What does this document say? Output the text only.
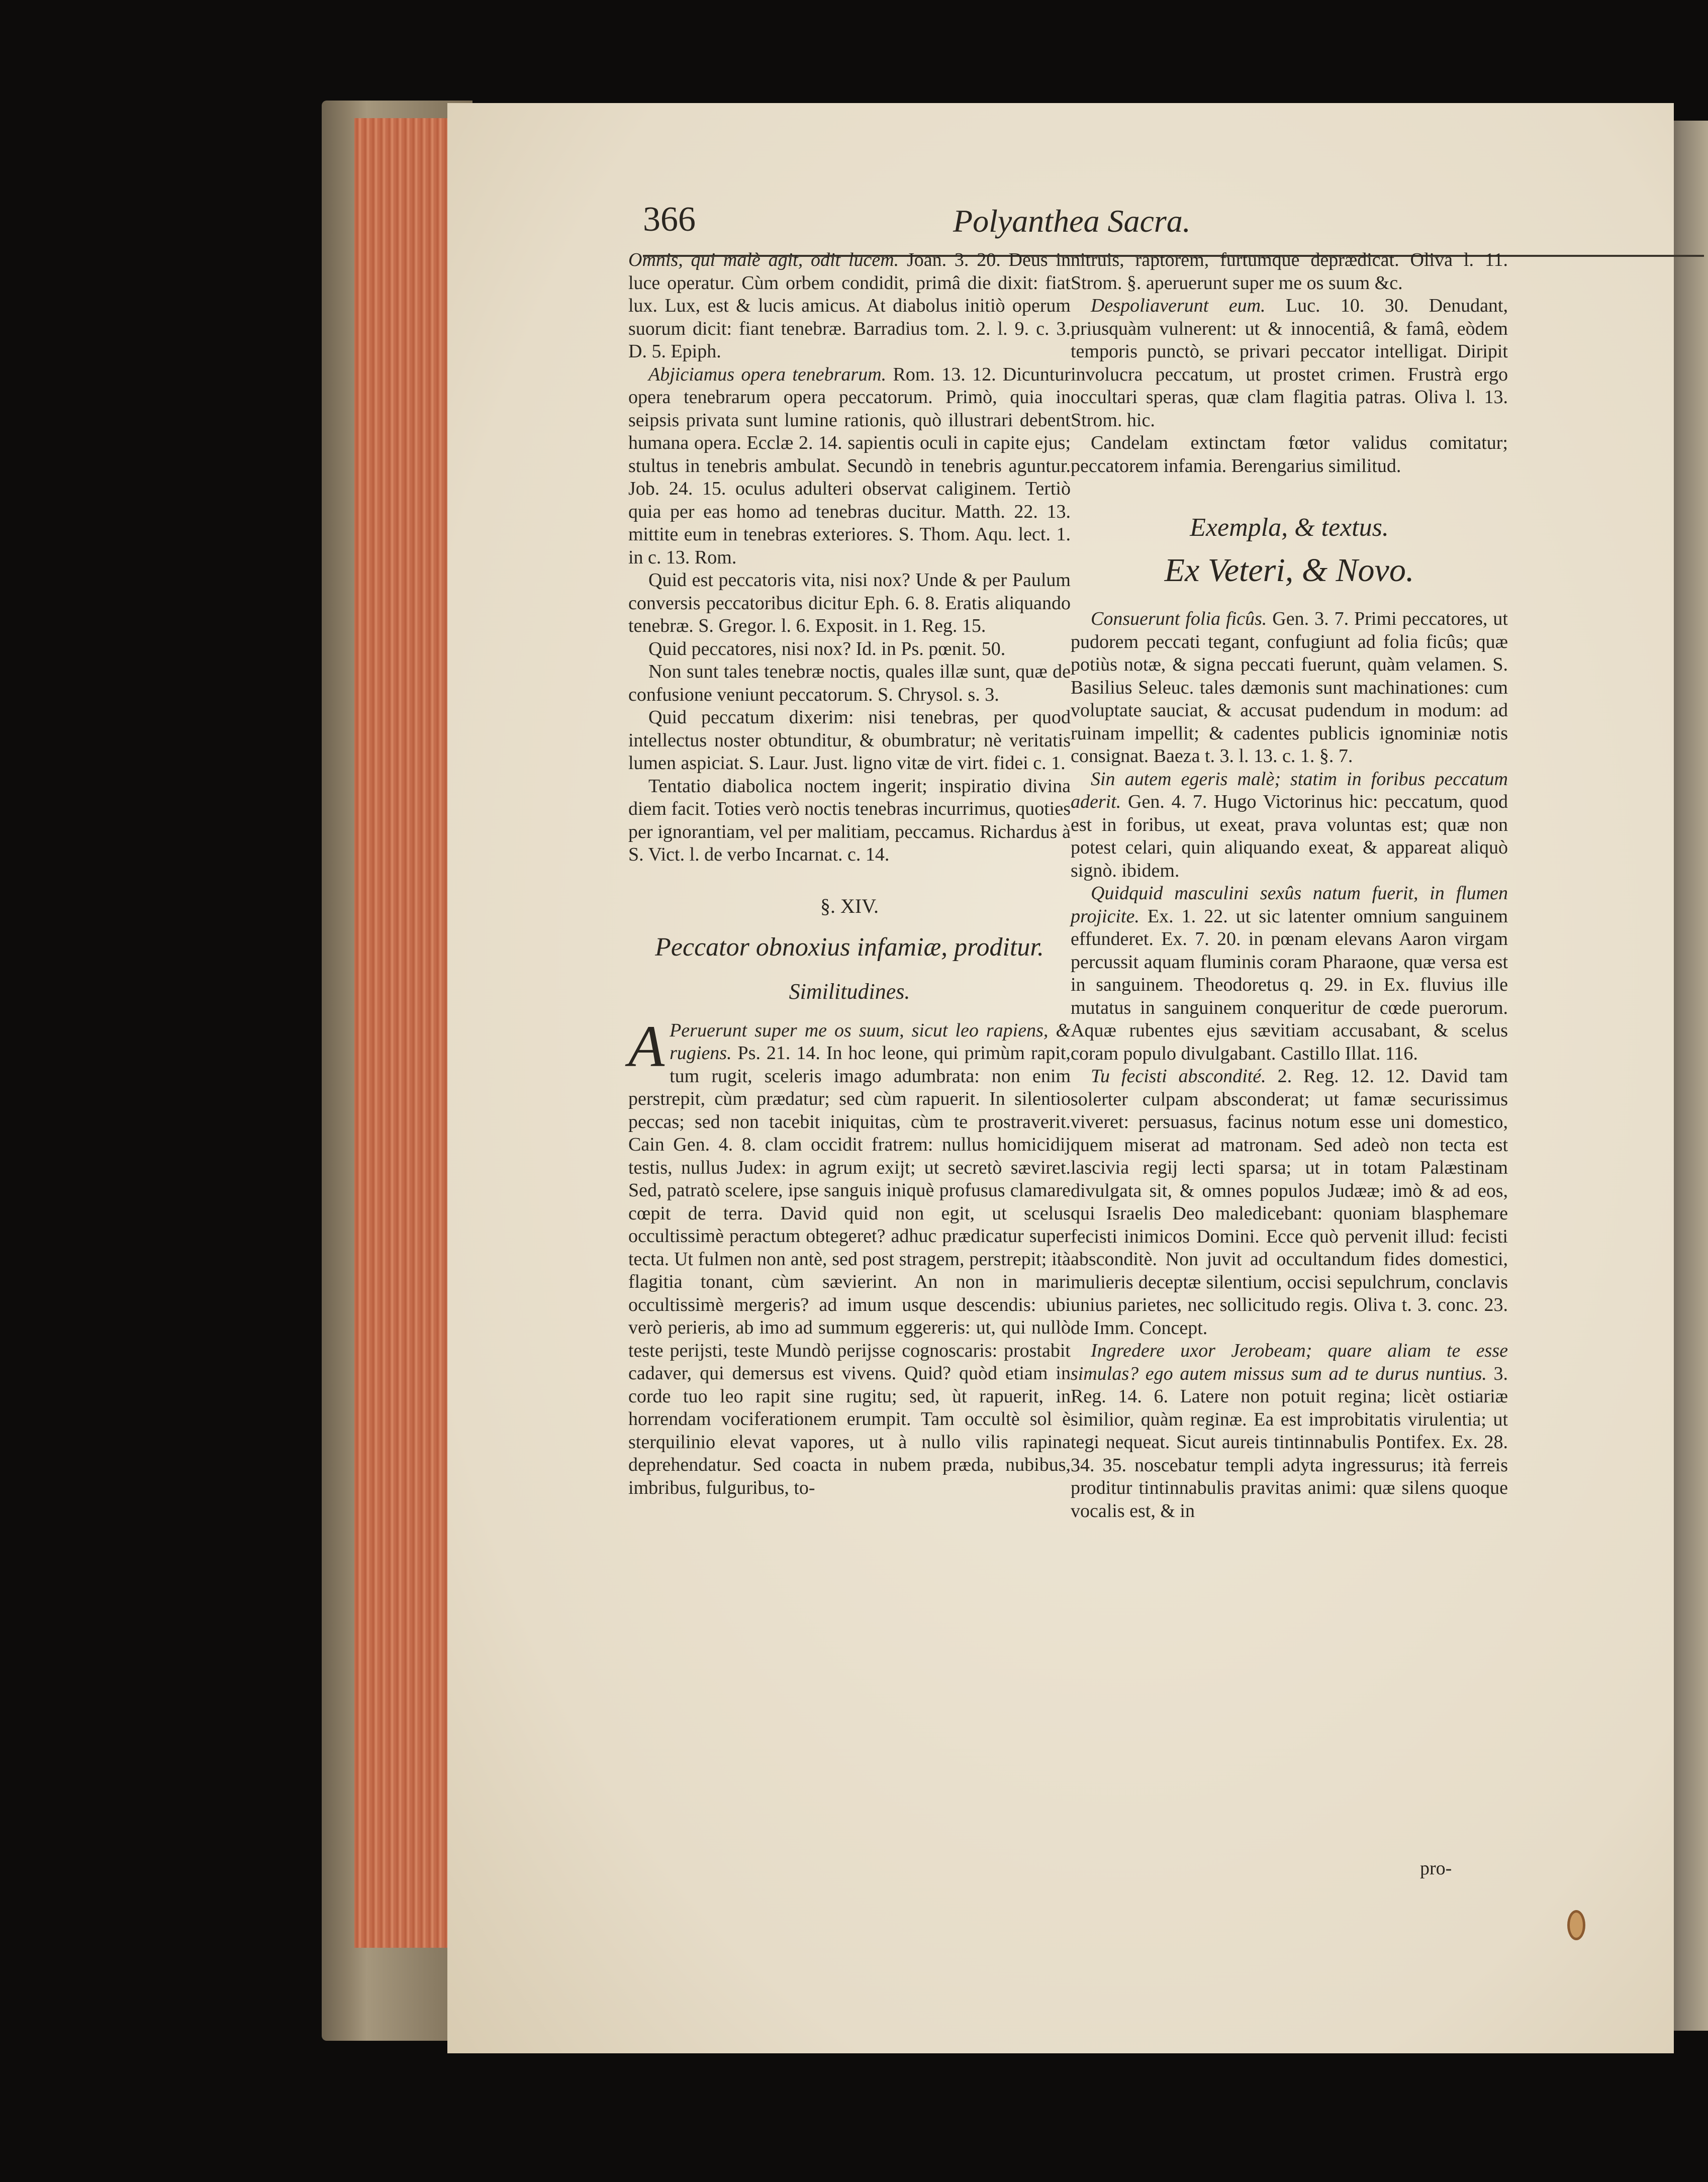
366	Polyanthea Sacra.

Omnis, qui malè agit, odit lucem. Joan. 3. 20. Deus in luce operatur. Cùm orbem condidit, primâ die dixit: fiat lux. Lux, est & lucis amicus. At diabolus initiò operum suorum dicit: fiant tenebræ. Barradius tom. 2. l. 9. c. 3. D. 5. Epiph.

Abjiciamus opera tenebrarum. Rom. 13. 12. Dicuntur opera tenebrarum opera peccatorum. Primò, quia in seipsis privata sunt lumine rationis, quò illustrari debent humana opera. Ecclæ 2. 14. sapientis oculi in capite ejus; stultus in tenebris ambulat. Secundò in tenebris aguntur. Job. 24. 15. oculus adulteri observat caliginem. Tertiò quia per eas homo ad tenebras ducitur. Matth. 22. 13. mittite eum in tenebras exteriores. S. Thom. Aqu. lect. 1. in c. 13. Rom.

Quid est peccatoris vita, nisi nox? Unde & per Paulum conversis peccatoribus dicitur Eph. 6. 8. Eratis aliquando tenebræ. S. Gregor. l. 6. Exposit. in 1. Reg. 15.

Quid peccatores, nisi nox? Id. in Ps. pœnit. 50.

Non sunt tales tenebræ noctis, quales illæ sunt, quæ de confusione veniunt peccatorum. S. Chrysol. s. 3.

Quid peccatum dixerim: nisi tenebras, per quod intellectus noster obtunditur, & obumbratur; nè veritatis lumen aspiciat. S. Laur. Just. ligno vitæ de virt. fidei c. 1.

Tentatio diabolica noctem ingerit; inspiratio divina diem facit. Toties verò noctis tenebras incurrimus, quoties per ignorantiam, vel per malitiam, peccamus. Richardus à S. Vict. l. de verbo Incarnat. c. 14.

§. XIV.
Peccator obnoxius infamiæ, proditur.
Similitudines.

A Peruerunt super me os suum, sicut leo rapiens, & rugiens. Ps. 21. 14. In hoc leone, qui primùm rapit, tum rugit, sceleris imago adumbrata: non enim perstrepit, cùm prædatur; sed cùm rapuerit. In silentio peccas; sed non tacebit iniquitas, cùm te prostraverit. Cain Gen. 4. 8. clam occidit fratrem: nullus homicidij testis, nullus Judex: in agrum exijt; ut secretò sæviret. Sed, patratò scelere, ipse sanguis iniquè profusus clamare cœpit de terra. David quid non egit, ut scelus occultissimè peractum obtegeret? adhuc prædicatur super tecta. Ut fulmen non antè, sed post stragem, perstrepit; ità flagitia tonant, cùm sævierint. An non in mari occultissimè mergeris? ad imum usque descendis: ubi verò perieris, ab imo ad summum eggereris: ut, qui nullò teste perijsti, teste Mundò perijsse cognoscaris: prostabit cadaver, qui demersus est vivens. Quid? quòd etiam in corde tuo leo rapit sine rugitu; sed, ùt rapuerit, in horrendam vociferationem erumpit. Tam occultè sol è sterquilinio elevat vapores, ut à nullo vilis rapina deprehendatur. Sed coacta in nubem præda, nubibus, imbribus, fulguribus, to-

nitruis, raptorem, furtumque deprædicat. Oliva l. 11. Strom. §. aperuerunt super me os suum &c.

Despoliaverunt eum. Luc. 10. 30. Denudant, priusquàm vulnerent: ut & innocentiâ, & famâ, eòdem temporis punctò, se privari peccator intelligat. Diripit involucra peccatum, ut prostet crimen. Frustrà ergo occultari speras, quæ clam flagitia patras. Oliva l. 13. Strom. hic.

Candelam extinctam fœtor validus comitatur; peccatorem infamia. Berengarius similitud.

Exempla, & textus.
Ex Veteri, & Novo.

Consuerunt folia ficûs. Gen. 3. 7. Primi peccatores, ut pudorem peccati tegant, confugiunt ad folia ficûs; quæ potiùs notæ, & signa peccati fuerunt, quàm velamen. S. Basilius Seleuc. tales dæmonis sunt machinationes: cum voluptate sauciat, & accusat pudendum in modum: ad ruinam impellit; & cadentes publicis ignominiæ notis consignat. Baeza t. 3. l. 13. c. 1. §. 7.

Sin autem egeris malè; statim in foribus peccatum aderit. Gen. 4. 7. Hugo Victorinus hic: peccatum, quod est in foribus, ut exeat, prava voluntas est; quæ non potest celari, quin aliquando exeat, & appareat aliquò signò. ibidem.

Quidquid masculini sexûs natum fuerit, in flumen projicite. Ex. 1. 22. ut sic latenter omnium sanguinem effunderet. Ex. 7. 20. in pœnam elevans Aaron virgam percussit aquam fluminis coram Pharaone, quæ versa est in sanguinem. Theodoretus q. 29. in Ex. fluvius ille mutatus in sanguinem conqueritur de cœde puerorum. Aquæ rubentes ejus sævitiam accusabant, & scelus coram populo divulgabant. Castillo Illat. 116.

Tu fecisti abscondité. 2. Reg. 12. 12. David tam solerter culpam absconderat; ut famæ securissimus viveret: persuasus, facinus notum esse uni domestico, quem miserat ad matronam. Sed adeò non tecta est lascivia regij lecti sparsa; ut in totam Palæstinam divulgata sit, & omnes populos Judææ; imò & ad eos, qui Israelis Deo maledicebant: quoniam blasphemare fecisti inimicos Domini. Ecce quò pervenit illud: fecisti absconditè. Non juvit ad occultandum fides domestici, mulieris deceptæ silentium, occisi sepulchrum, conclavis unius parietes, nec sollicitudo regis. Oliva t. 3. conc. 23. de Imm. Concept.

Ingredere uxor Jerobeam; quare aliam te esse simulas? ego autem missus sum ad te durus nuntius. 3. Reg. 14. 6. Latere non potuit regina; licèt ostiariæ similior, quàm reginæ. Ea est improbitatis virulentia; ut tegi nequeat. Sicut aureis tintinnabulis Pontifex. Ex. 28. 34. 35. noscebatur templi adyta ingressurus; ità ferreis proditur tintinnabulis pravitas animi: quæ silens quoque vocalis est, & in

pro-
